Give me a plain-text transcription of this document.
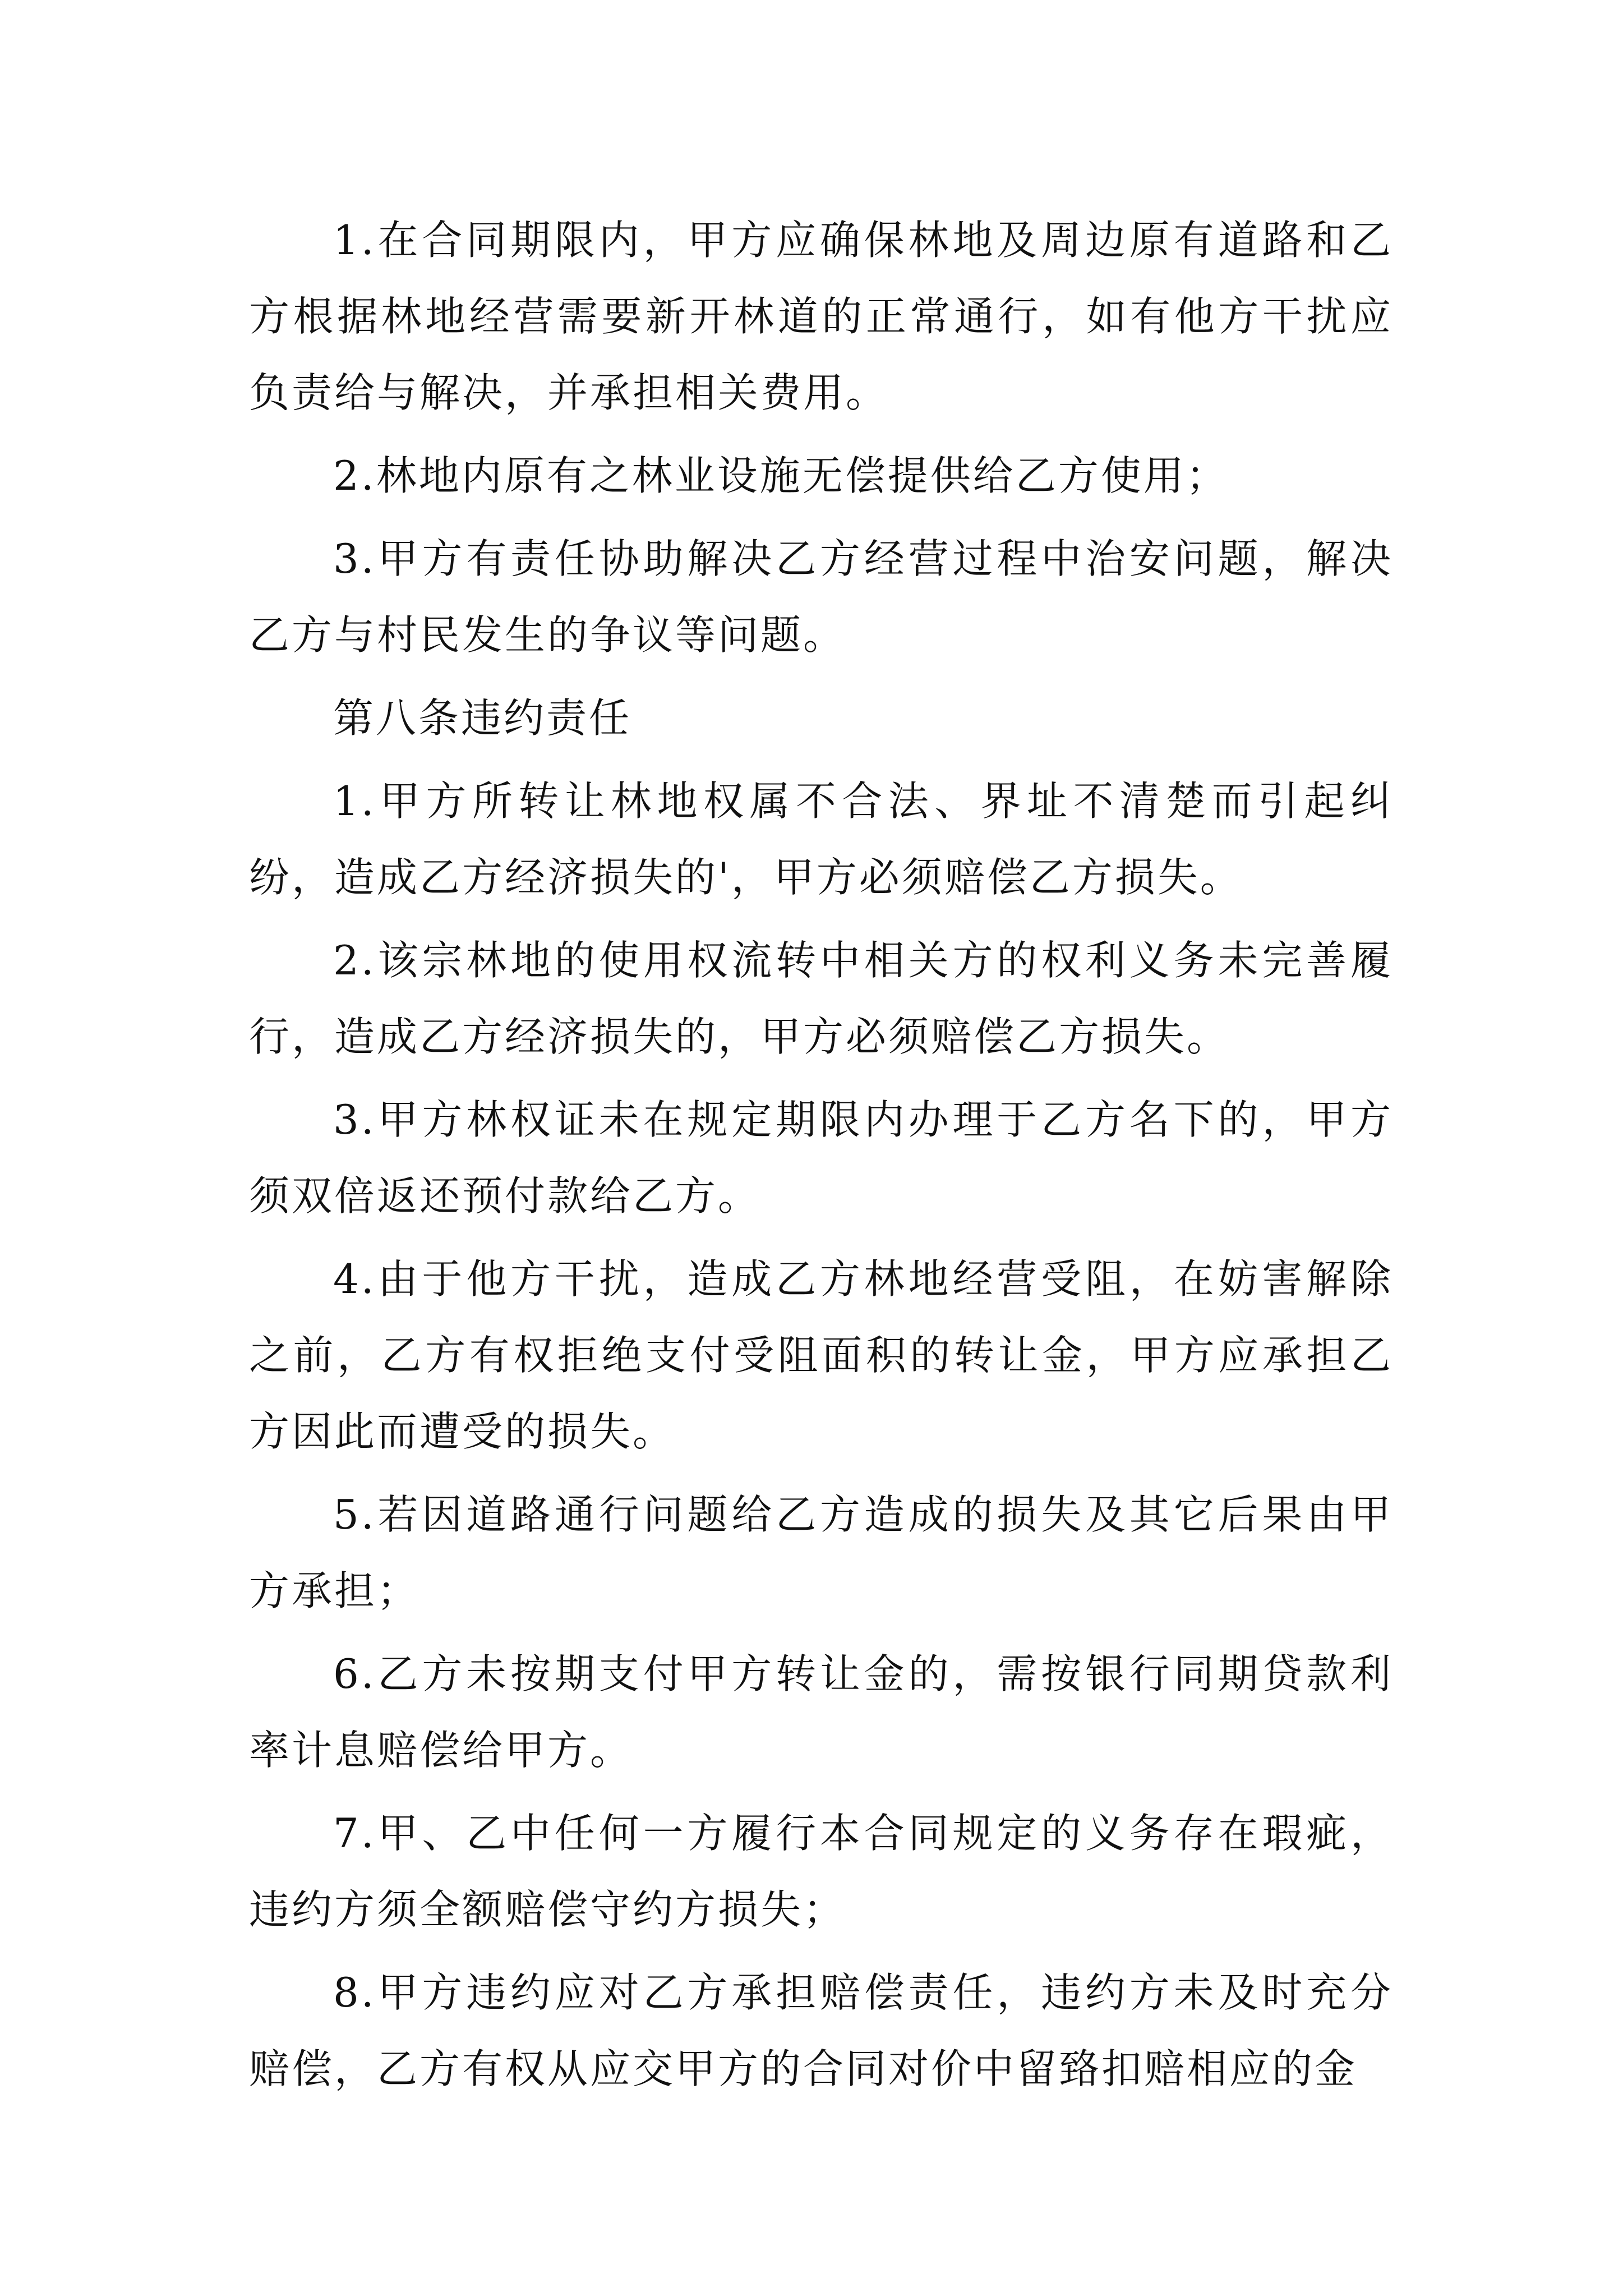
1.在合同期限内，甲方应确保林地及周边原有道路和乙方根据林地经营需要新开林道的正常通行，如有他方干扰应负责给与解决，并承担相关费用。

2.林地内原有之林业设施无偿提供给乙方使用；

3.甲方有责任协助解决乙方经营过程中治安问题，解决乙方与村民发生的争议等问题。

第八条违约责任

1.甲方所转让林地权属不合法、界址不清楚而引起纠纷，造成乙方经济损失的'，甲方必须赔偿乙方损失。

2.该宗林地的使用权流转中相关方的权利义务未完善履行，造成乙方经济损失的，甲方必须赔偿乙方损失。

3.甲方林权证未在规定期限内办理于乙方名下的，甲方须双倍返还预付款给乙方。

4.由于他方干扰，造成乙方林地经营受阻，在妨害解除之前，乙方有权拒绝支付受阻面积的转让金，甲方应承担乙方因此而遭受的损失。

5.若因道路通行问题给乙方造成的损失及其它后果由甲方承担；

6.乙方未按期支付甲方转让金的，需按银行同期贷款利率计息赔偿给甲方。

7.甲、乙中任何一方履行本合同规定的义务存在瑕疵，违约方须全额赔偿守约方损失；

8.甲方违约应对乙方承担赔偿责任，违约方未及时充分赔偿，乙方有权从应交甲方的合同对价中留臵扣赔相应的金
